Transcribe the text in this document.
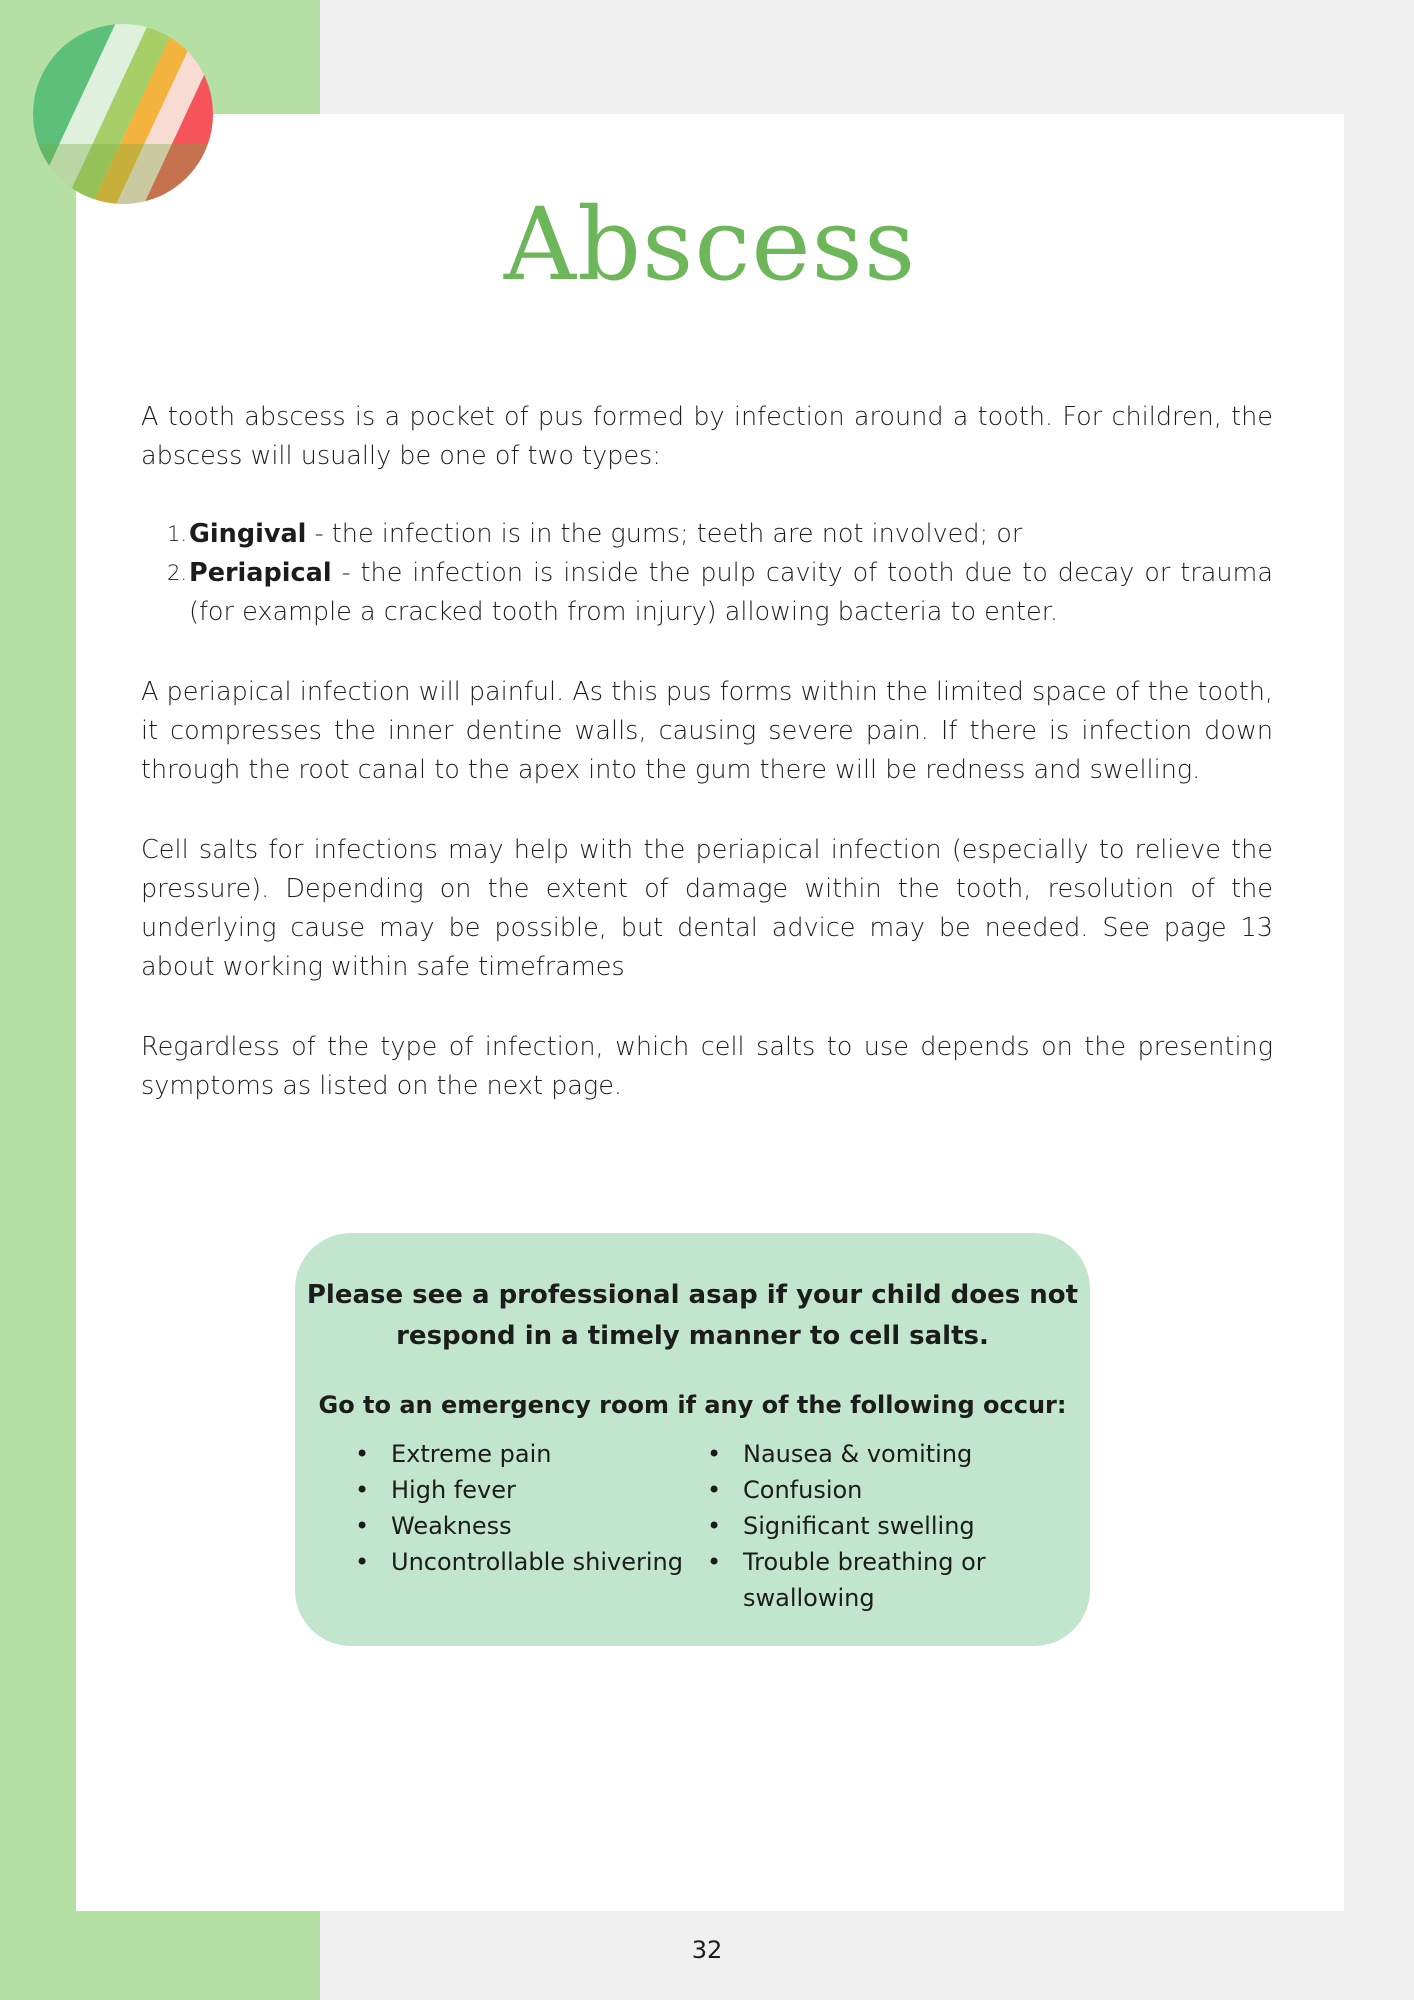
Abscess

A tooth abscess is a pocket of pus formed by infection around a tooth. For children, the abscess will usually be one of two types:

1. Gingival - the infection is in the gums; teeth are not involved; or
2. Periapical - the infection is inside the pulp cavity of tooth due to decay or trauma (for example a cracked tooth from injury) allowing bacteria to enter.

A periapical infection will painful. As this pus forms within the limited space of the tooth, it compresses the inner dentine walls, causing severe pain. If there is infection down through the root canal to the apex into the gum there will be redness and swelling.

Cell salts for infections may help with the periapical infection (especially to relieve the pressure). Depending on the extent of damage within the tooth, resolution of the underlying cause may be possible, but dental advice may be needed. See page 13 about working within safe timeframes

Regardless of the type of infection, which cell salts to use depends on the presenting symptoms as listed on the next page.

Please see a professional asap if your child does not
respond in a timely manner to cell salts.

Go to an emergency room if any of the following occur:

• Extreme pain
• High fever
• Weakness
• Uncontrollable shivering
• Nausea & vomiting
• Confusion
• Significant swelling
• Trouble breathing or swallowing
32
